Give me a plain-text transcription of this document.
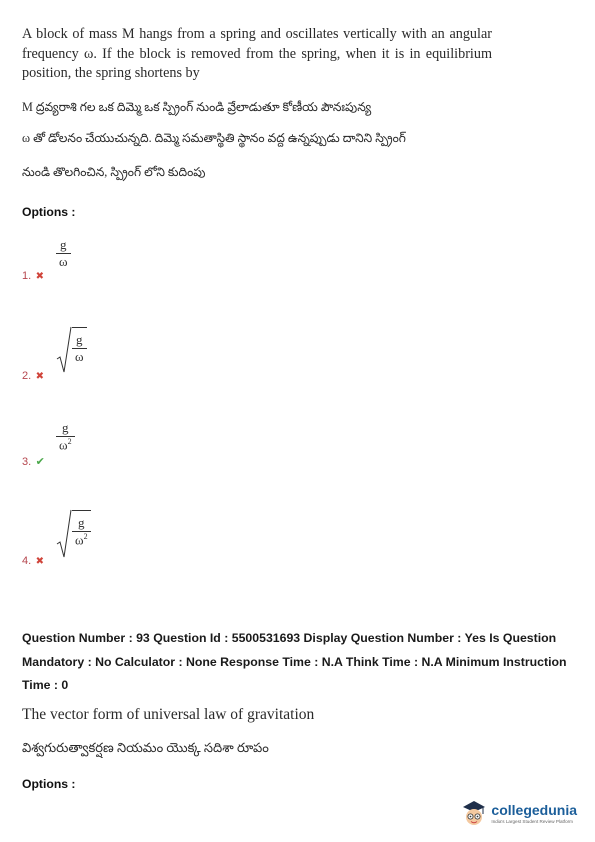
A block of mass M hangs from a spring and oscillates vertically with an angular frequency ω. If the block is removed from the spring, when it is in equilibrium position, the spring shortens by
M ద్రవ్యరాశి గల ఒక దిమ్మె ఒక స్ప్రింగ్ నుండి వ్రేలాడుతూ కోణీయ పౌనఃపున్య
ω తో డోలనం చేయుచున్నది. దిమ్మె సమతాస్థితి స్థానం వద్ద ఉన్నప్పుడు దానిని స్ప్రింగ్
నుండి తొలగించిన, స్ప్రింగ్ లోని కుదింపు
Options :
1. ✖
$\frac{g}{\omega}$
2. ✖
$\frac{g}{\omega}$
3. ✔
$\frac{g}{\omega^2}$
4. ✖
$\frac{g}{\omega^2}$
Question Number : 93 Question Id : 5500531693 Display Question Number : Yes Is Question
Mandatory : No Calculator : None Response Time : N.A Think Time : N.A Minimum Instruction
Time : 0
The vector form of universal law of gravitation
విశ్వగురుత్వాకర్షణ నియమం యొక్క సదిశా రూపం
Options :
collegedunia
India's Largest Student Review Platform
